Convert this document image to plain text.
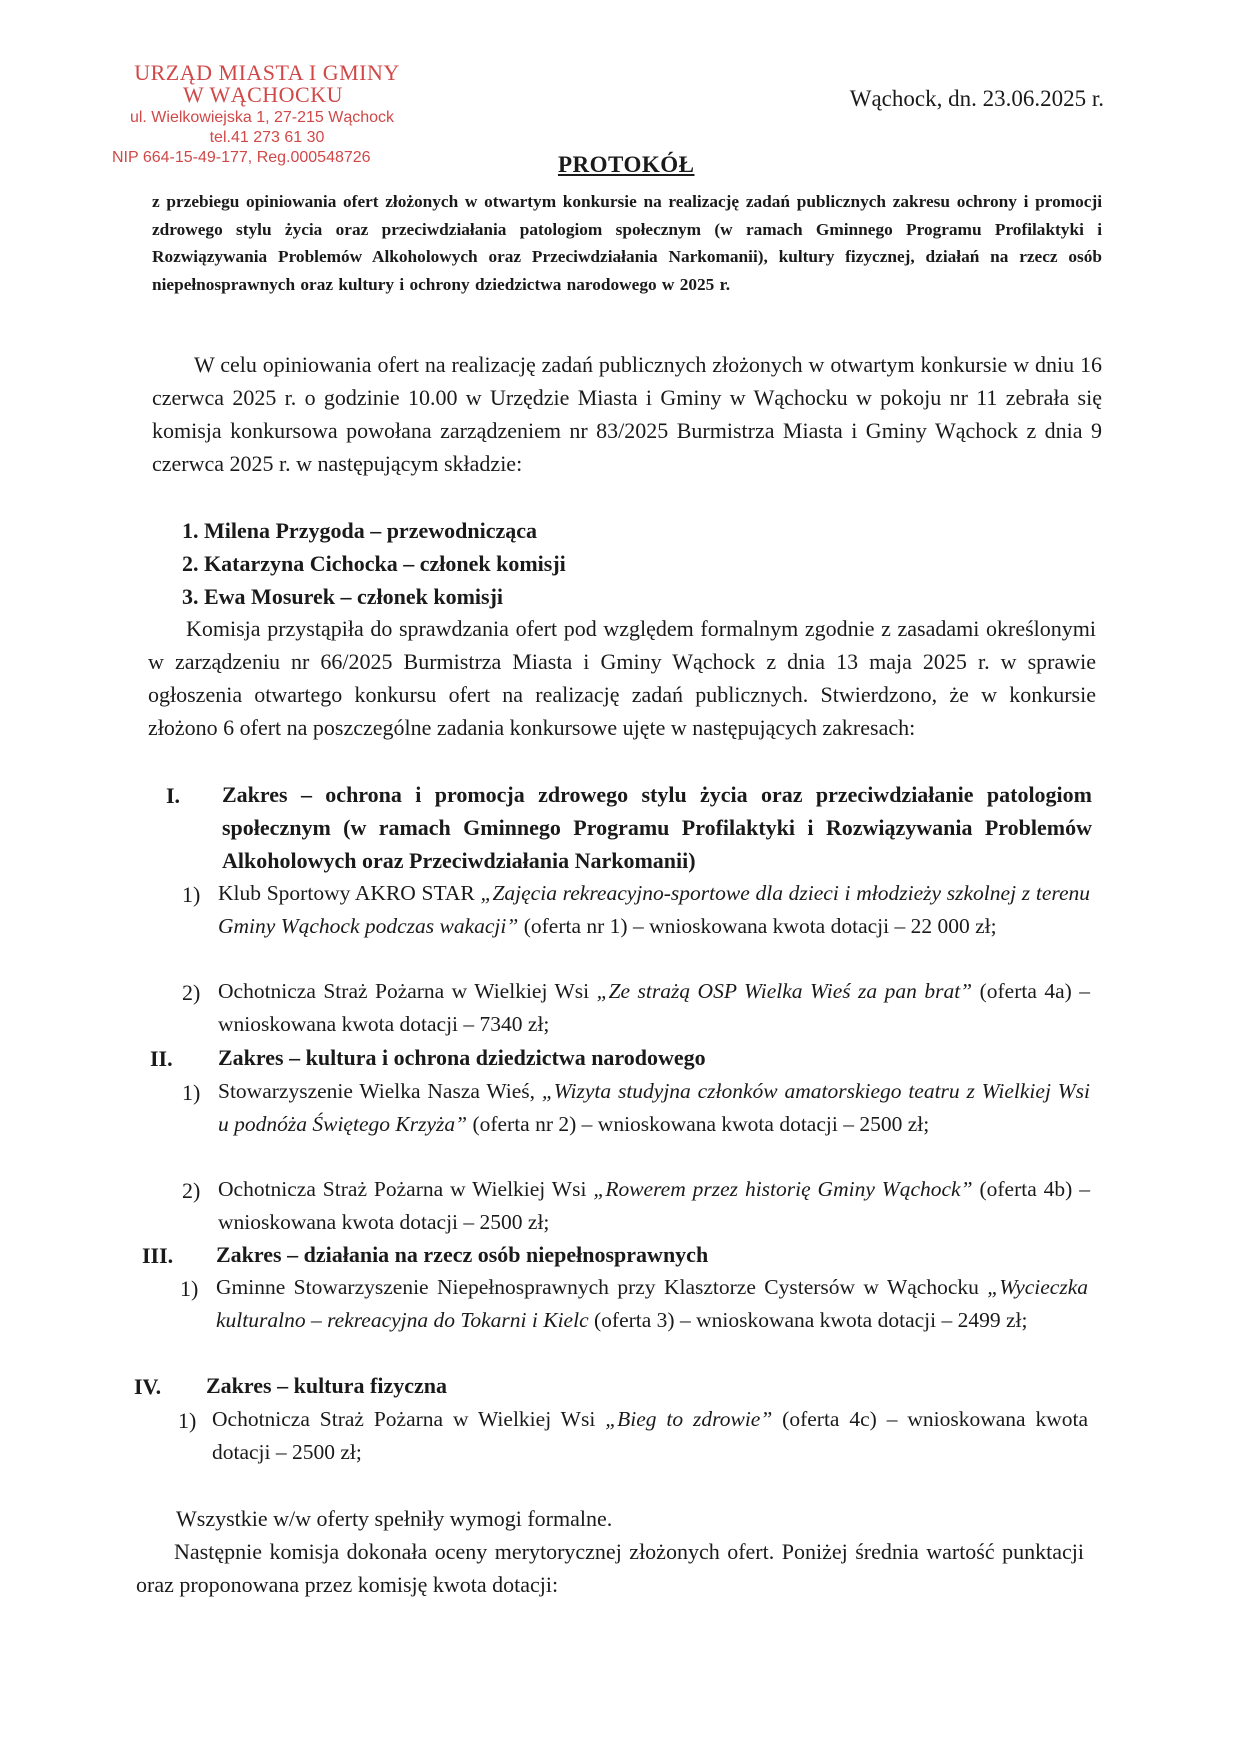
URZĄD MIASTA I GMINY
W WĄCHOCKU
ul. Wielkowiejska 1, 27-215 Wąchock
tel.41 273 61 30
NIP 664-15-49-177, Reg.000548726
Wąchock, dn. 23.06.2025 r.
PROTOKÓŁ
z przebiegu opiniowania ofert złożonych w otwartym konkursie na realizację zadań publicznych zakresu ochrony i promocji zdrowego stylu życia oraz przeciwdziałania patologiom społecznym (w ramach Gminnego Programu Profilaktyki i Rozwiązywania Problemów Alkoholowych oraz Przeciwdziałania Narkomanii), kultury fizycznej, działań na rzecz osób niepełnosprawnych oraz kultury i ochrony dziedzictwa narodowego w 2025 r.
W celu opiniowania ofert na realizację zadań publicznych złożonych w otwartym konkursie w dniu 16 czerwca 2025 r. o godzinie 10.00 w Urzędzie Miasta i Gminy w Wąchocku w pokoju nr 11 zebrała się komisja konkursowa powołana zarządzeniem nr 83/2025 Burmistrza Miasta i Gminy Wąchock z dnia 9 czerwca 2025 r. w następującym składzie:
1. Milena Przygoda – przewodnicząca
2. Katarzyna Cichocka – członek komisji
3. Ewa Mosurek – członek komisji
Komisja przystąpiła do sprawdzania ofert pod względem formalnym zgodnie z zasadami określonymi w zarządzeniu nr 66/2025 Burmistrza Miasta i Gminy Wąchock z dnia 13 maja 2025 r. w sprawie ogłoszenia otwartego konkursu ofert na realizację zadań publicznych. Stwierdzono, że w konkursie złożono 6 ofert na poszczególne zadania konkursowe ujęte w następujących zakresach:
I. Zakres – ochrona i promocja zdrowego stylu życia oraz przeciwdziałanie patologiom społecznym (w ramach Gminnego Programu Profilaktyki i Rozwiązywania Problemów Alkoholowych oraz Przeciwdziałania Narkomanii)
1) Klub Sportowy AKRO STAR „Zajęcia rekreacyjno-sportowe dla dzieci i młodzieży szkolnej z terenu Gminy Wąchock podczas wakacji” (oferta nr 1) – wnioskowana kwota dotacji – 22 000 zł;
2) Ochotnicza Straż Pożarna w Wielkiej Wsi „Ze strażą OSP Wielka Wieś za pan brat” (oferta 4a) – wnioskowana kwota dotacji – 7340 zł;
II. Zakres – kultura i ochrona dziedzictwa narodowego
1) Stowarzyszenie Wielka Nasza Wieś, „Wizyta studyjna członków amatorskiego teatru z Wielkiej Wsi u podnóża Świętego Krzyża” (oferta nr 2) – wnioskowana kwota dotacji – 2500 zł;
2) Ochotnicza Straż Pożarna w Wielkiej Wsi „Rowerem przez historię Gminy Wąchock” (oferta 4b) – wnioskowana kwota dotacji – 2500 zł;
III. Zakres – działania na rzecz osób niepełnosprawnych
1) Gminne Stowarzyszenie Niepełnosprawnych przy Klasztorze Cystersów w Wąchocku „Wycieczka kulturalno – rekreacyjna do Tokarni i Kielc (oferta 3) – wnioskowana kwota dotacji – 2499 zł;
IV. Zakres – kultura fizyczna
1) Ochotnicza Straż Pożarna w Wielkiej Wsi „Bieg to zdrowie” (oferta 4c) – wnioskowana kwota dotacji – 2500 zł;
Wszystkie w/w oferty spełniły wymogi formalne.
Następnie komisja dokonała oceny merytorycznej złożonych ofert. Poniżej średnia wartość punktacji oraz proponowana przez komisję kwota dotacji:
